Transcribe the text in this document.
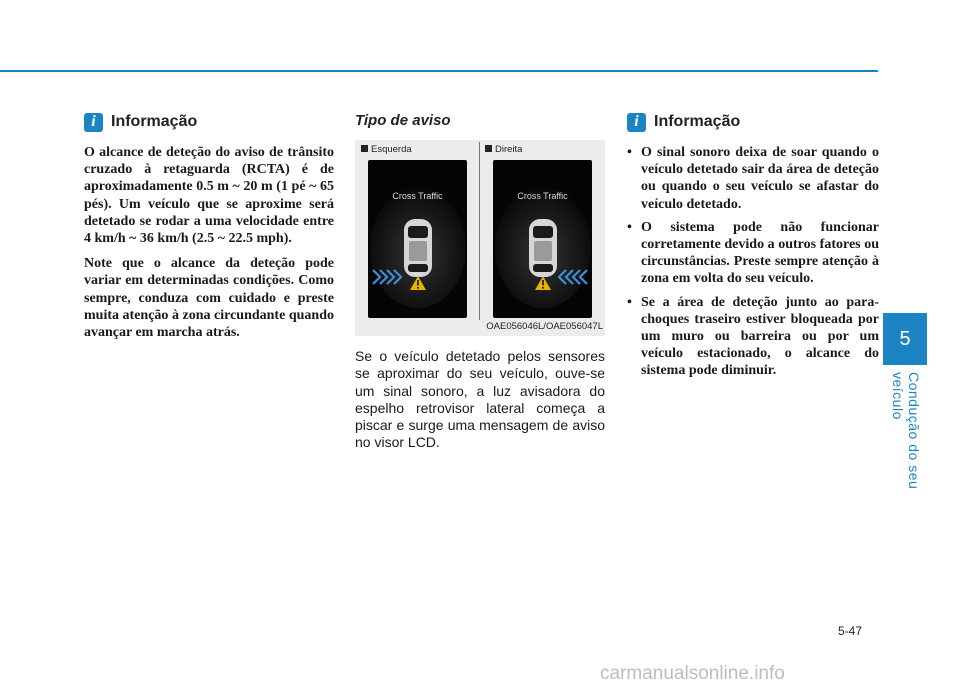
5
Condução do seu veículo
i Informação

O alcance de deteção do aviso de trânsito cruzado à retaguarda (RCTA) é de aproximadamente 0.5 m ~ 20 m (1 pé ~ 65 pés). Um veículo que se aproxime será detetado se rodar a uma velocidade entre 4 km/h ~ 36 km/h (2.5 ~ 22.5 mph).

Note que o alcance da deteção pode variar em determinadas condições. Como sempre, conduza com cuidado e preste muita atenção à zona circundante quando avançar em marcha atrás.

Tipo de aviso
Esquerda	Direita
Cross Traffic	Cross Traffic
OAE056046L/OAE056047L
Se o veículo detetado pelos sensores se aproximar do seu veículo, ouve-se um sinal sonoro, a luz avisadora do espelho retrovisor lateral começa a piscar e surge uma mensagem de aviso no visor LCD.
i Informação
• O sinal sonoro deixa de soar quando o veículo detetado sair da área de deteção ou quando o seu veículo se afastar do veículo detetado.
• O sistema pode não funcionar corretamente devido a outros fatores ou circunstâncias. Preste sempre atenção à zona em volta do seu veículo.
• Se a área de deteção junto ao para-choques traseiro estiver bloqueada por um muro ou barreira ou por um veículo estacionado, o alcance do sistema pode diminuir.
5-47
carmanualsonline.info
